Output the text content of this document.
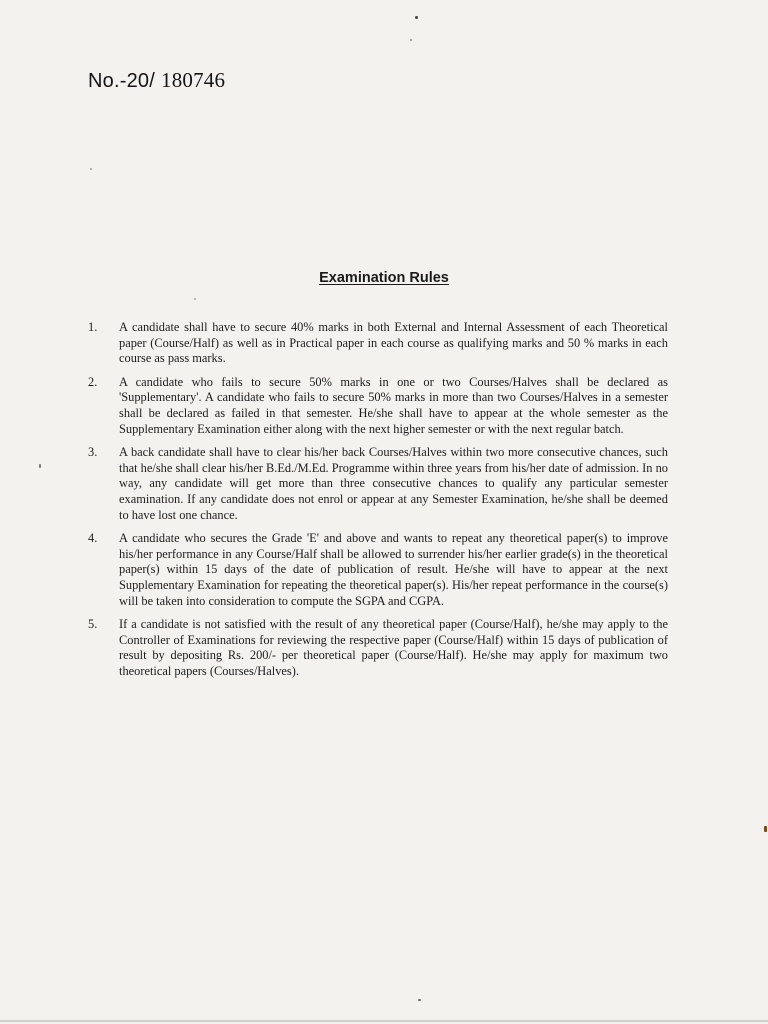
No.-20/ 180746
Examination Rules
1.	A candidate shall have to secure 40% marks in both External and Internal Assessment of each Theoretical paper (Course/Half) as well as in Practical paper in each course as qualifying marks and 50 % marks in each course as pass marks.
2.	A candidate who fails to secure 50% marks in one or two Courses/Halves shall be declared as 'Supplementary'. A candidate who fails to secure 50% marks in more than two Courses/Halves in a semester shall be declared as failed in that semester. He/she shall have to appear at the whole semester as the Supplementary Examination either along with the next higher semester or with the next regular batch.
3.	A back candidate shall have to clear his/her back Courses/Halves within two more consecutive chances, such that he/she shall clear his/her B.Ed./M.Ed. Programme within three years from his/her date of admission. In no way, any candidate will get more than three consecutive chances to qualify any particular semester examination. If any candidate does not enrol or appear at any Semester Examination, he/she shall be deemed to have lost one chance.
4.	A candidate who secures the Grade 'E' and above and wants to repeat any theoretical paper(s) to improve his/her performance in any Course/Half shall be allowed to surrender his/her earlier grade(s) in the theoretical paper(s) within 15 days of the date of publication of result. He/she will have to appear at the next Supplementary Examination for repeating the theoretical paper(s). His/her repeat performance in the course(s) will be taken into consideration to compute the SGPA and CGPA.
5.	If a candidate is not satisfied with the result of any theoretical paper (Course/Half), he/she may apply to the Controller of Examinations for reviewing the respective paper (Course/Half) within 15 days of publication of result by depositing Rs. 200/- per theoretical paper (Course/Half). He/she may apply for maximum two theoretical papers (Courses/Halves).
